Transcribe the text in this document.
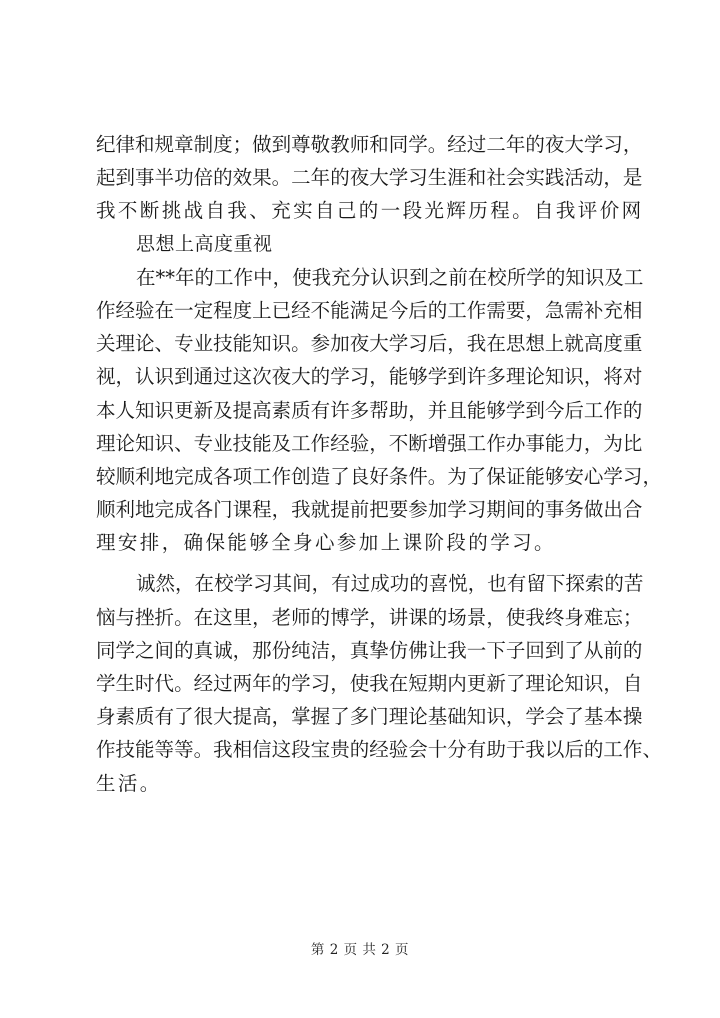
纪 律 和 规 章 制 度 ； 做 到 尊 敬 教 师 和 同 学 。 经 过 二 年 的 夜 大 学 习 ，
起 到 事 半 功 倍 的 效 果 。 二 年 的 夜 大 学 习 生 涯 和 社 会 实 践 活 动 ， 是
我不断挑战自我、充实自己的一段光辉历程。自我评价网
思想上高度重视
在 * * 年 的 工 作 中 ， 使 我 充 分 认 识 到 之 前 在 校 所 学 的 知 识 及 工
作 经 验 在 一 定 程 度 上 已 经 不 能 满 足 今 后 的 工 作 需 要 ， 急 需 补 充 相
关 理 论 、 专 业 技 能 知 识 。 参 加 夜 大 学 习 后 ， 我 在 思 想 上 就 高 度 重
视 ， 认 识 到 通 过 这 次 夜 大 的 学 习 ， 能 够 学 到 许 多 理 论 知 识 ， 将 对
本 人 知 识 更 新 及 提 高 素 质 有 许 多 帮 助 ， 并 且 能 够 学 到 今 后 工 作 的
理 论 知 识 、 专 业 技 能 及 工 作 经 验 ， 不 断 增 强 工 作 办 事 能 力 ， 为 比
较 顺 利 地 完 成 各 项 工 作 创 造 了 良 好 条 件 。 为 了 保 证 能 够 安 心 学 习 ，
顺 利 地 完 成 各 门 课 程 ， 我 就 提 前 把 要 参 加 学 习 期 间 的 事 务 做 出 合
理安排，确保能够全身心参加上课阶段的学习。
诚 然 ， 在 校 学 习 其 间 ， 有 过 成 功 的 喜 悦 ， 也 有 留 下 探 索 的 苦
恼 与 挫 折 。 在 这 里 ， 老 师 的 博 学 ， 讲 课 的 场 景 ， 使 我 终 身 难 忘 ；
同 学 之 间 的 真 诚 ， 那 份 纯 洁 ， 真 挚 仿 佛 让 我 一 下 子 回 到 了 从 前 的
学 生 时 代 。 经 过 两 年 的 学 习 ， 使 我 在 短 期 内 更 新 了 理 论 知 识 ， 自
身 素 质 有 了 很 大 提 高 ， 掌 握 了 多 门 理 论 基 础 知 识 ， 学 会 了 基 本 操
作 技 能 等 等 。 我 相 信 这 段 宝 贵 的 经 验 会 十 分 有 助 于 我 以 后 的 工 作 、
生活。
第 2 页 共 2 页
